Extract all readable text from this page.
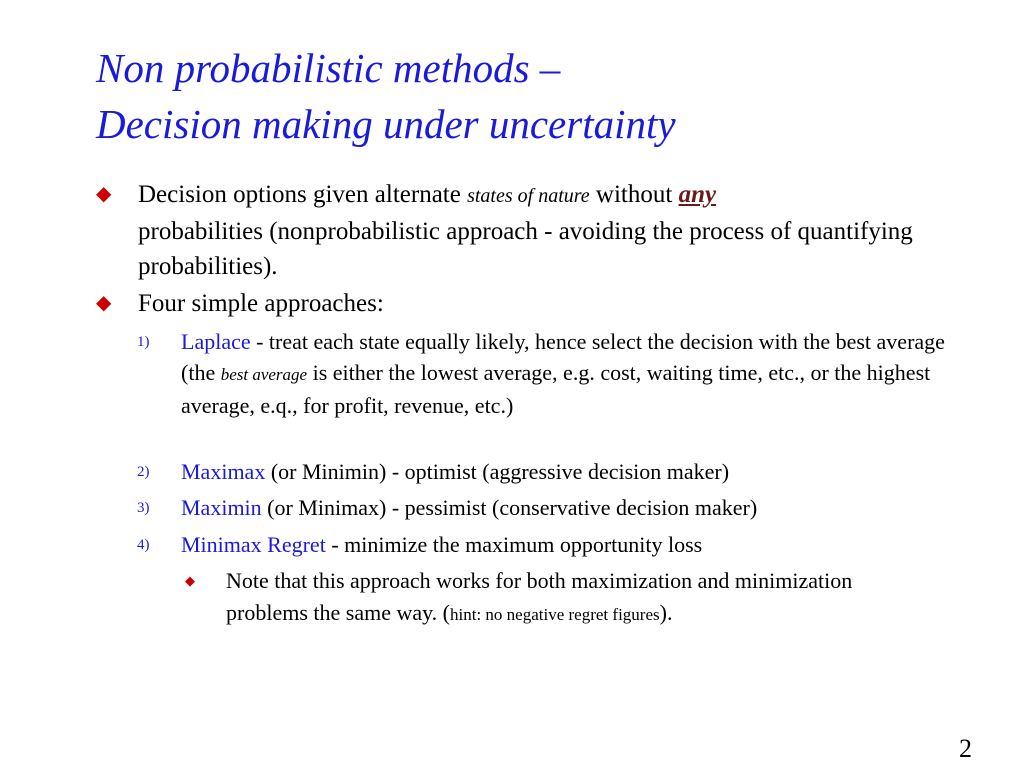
Non probabilistic methods –
Decision making under uncertainty
◆	Decision options given alternate states of nature without any
probabilities (nonprobabilistic approach - avoiding the process of quantifying probabilities).
◆	Four simple approaches:
1) Laplace - treat each state equally likely, hence select the decision with the best average (the best average is either the lowest average, e.g. cost, waiting time, etc., or the highest average, e.q., for profit, revenue, etc.)
2) Maximax (or Minimin) - optimist (aggressive decision maker)
3) Maximin (or Minimax) - pessimist (conservative decision maker)
4) Minimax Regret - minimize the maximum opportunity loss
◆ Note that this approach works for both maximization and minimization problems the same way. (hint: no negative regret figures).
2
